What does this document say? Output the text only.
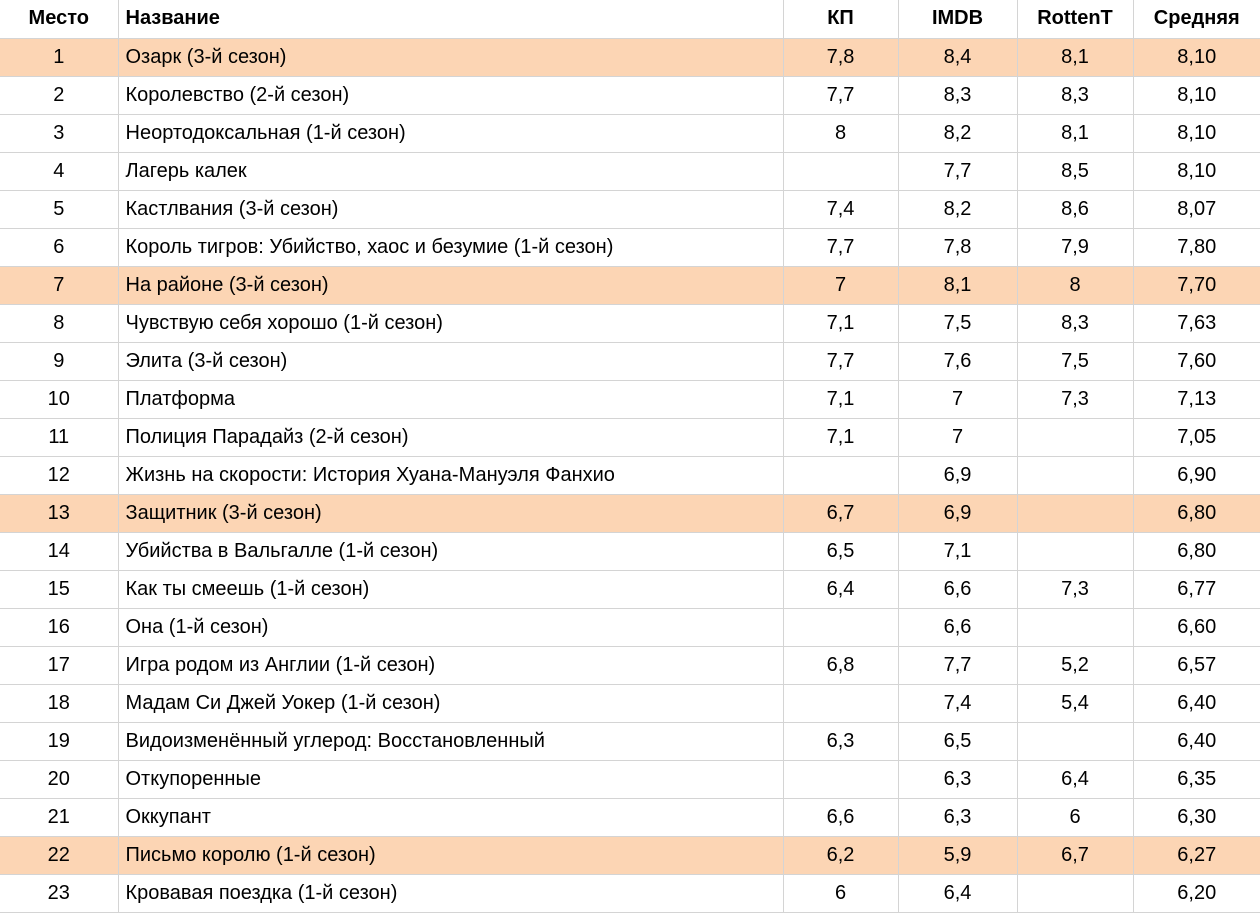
Место	Название	КП	IMDB	RottenT	Средняя
1	Озарк (3-й сезон)	7,8	8,4	8,1	8,10
2	Королевство (2-й сезон)	7,7	8,3	8,3	8,10
3	Неортодоксальная (1-й сезон)	8	8,2	8,1	8,10
4	Лагерь калек		7,7	8,5	8,10
5	Кастлвания (3-й сезон)	7,4	8,2	8,6	8,07
6	Король тигров: Убийство, хаос и безумие (1-й сезон)	7,7	7,8	7,9	7,80
7	На районе (3-й сезон)	7	8,1	8	7,70
8	Чувствую себя хорошо (1-й сезон)	7,1	7,5	8,3	7,63
9	Элита (3-й сезон)	7,7	7,6	7,5	7,60
10	Платформа	7,1	7	7,3	7,13
11	Полиция Парадайз (2-й сезон)	7,1	7		7,05
12	Жизнь на скорости: История Хуана-Мануэля Фанхио		6,9		6,90
13	Защитник (3-й сезон)	6,7	6,9		6,80
14	Убийства в Вальгалле (1-й сезон)	6,5	7,1		6,80
15	Как ты смеешь (1-й сезон)	6,4	6,6	7,3	6,77
16	Она (1-й сезон)		6,6		6,60
17	Игра родом из Англии (1-й сезон)	6,8	7,7	5,2	6,57
18	Мадам Си Джей Уокер (1-й сезон)		7,4	5,4	6,40
19	Видоизменённый углерод: Восстановленный	6,3	6,5		6,40
20	Откупоренные		6,3	6,4	6,35
21	Оккупант	6,6	6,3	6	6,30
22	Письмо королю (1-й сезон)	6,2	5,9	6,7	6,27
23	Кровавая поездка (1-й сезон)	6	6,4		6,20
